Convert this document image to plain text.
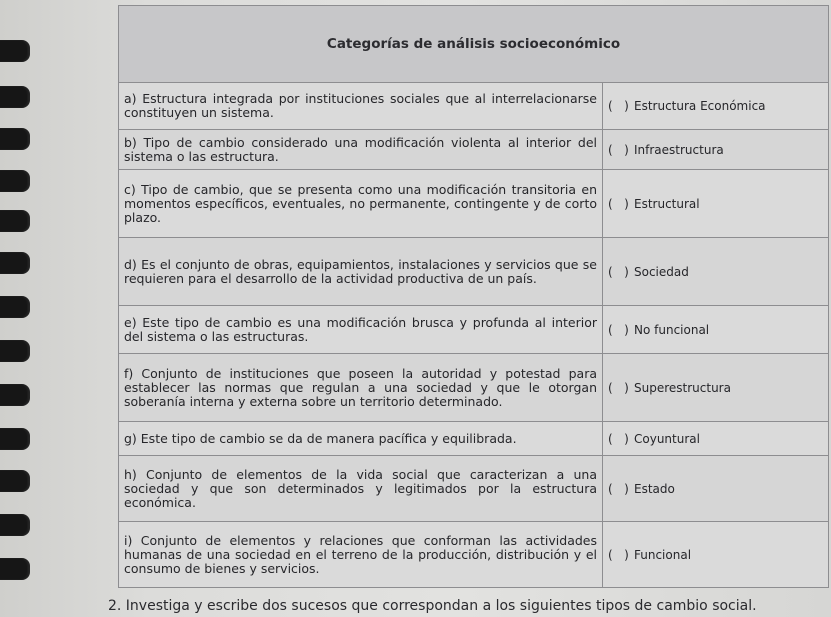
Categorías de análisis socioeconómico	
a) Estructura integrada por instituciones sociales que al interrelacionarse constituyen un sistema.	( ) Estructura Económica
b) Tipo de cambio considerado una modificación violenta al interior del sistema o las estructura.	( ) Infraestructura
c) Tipo de cambio, que se presenta como una modificación transitoria en momentos específicos, eventuales, no permanente, contingente y de corto plazo.	( ) Estructural
d) Es el conjunto de obras, equipamientos, instalaciones y servicios que se requieren para el desarrollo de la actividad productiva de un país.	( ) Sociedad
e) Este tipo de cambio es una modificación brusca y profunda al interior del sistema o las estructuras.	( ) No funcional
f) Conjunto de instituciones que poseen la autoridad y potestad para establecer las normas que regulan a una sociedad y que le otorgan soberanía interna y externa sobre un territorio determinado.	( ) Superestructura
g) Este tipo de cambio se da de manera pacífica y equilibrada.	( ) Coyuntural
h) Conjunto de elementos de la vida social que caracterizan a una sociedad y que son determinados y legitimados por la estructura económica.	( ) Estado
i) Conjunto de elementos y relaciones que conforman las actividades humanas de una sociedad en el terreno de la producción, distribución y el consumo de bienes y servicios.	( ) Funcional
2. Investiga y escribe dos sucesos que correspondan a los siguientes tipos de cambio social.
